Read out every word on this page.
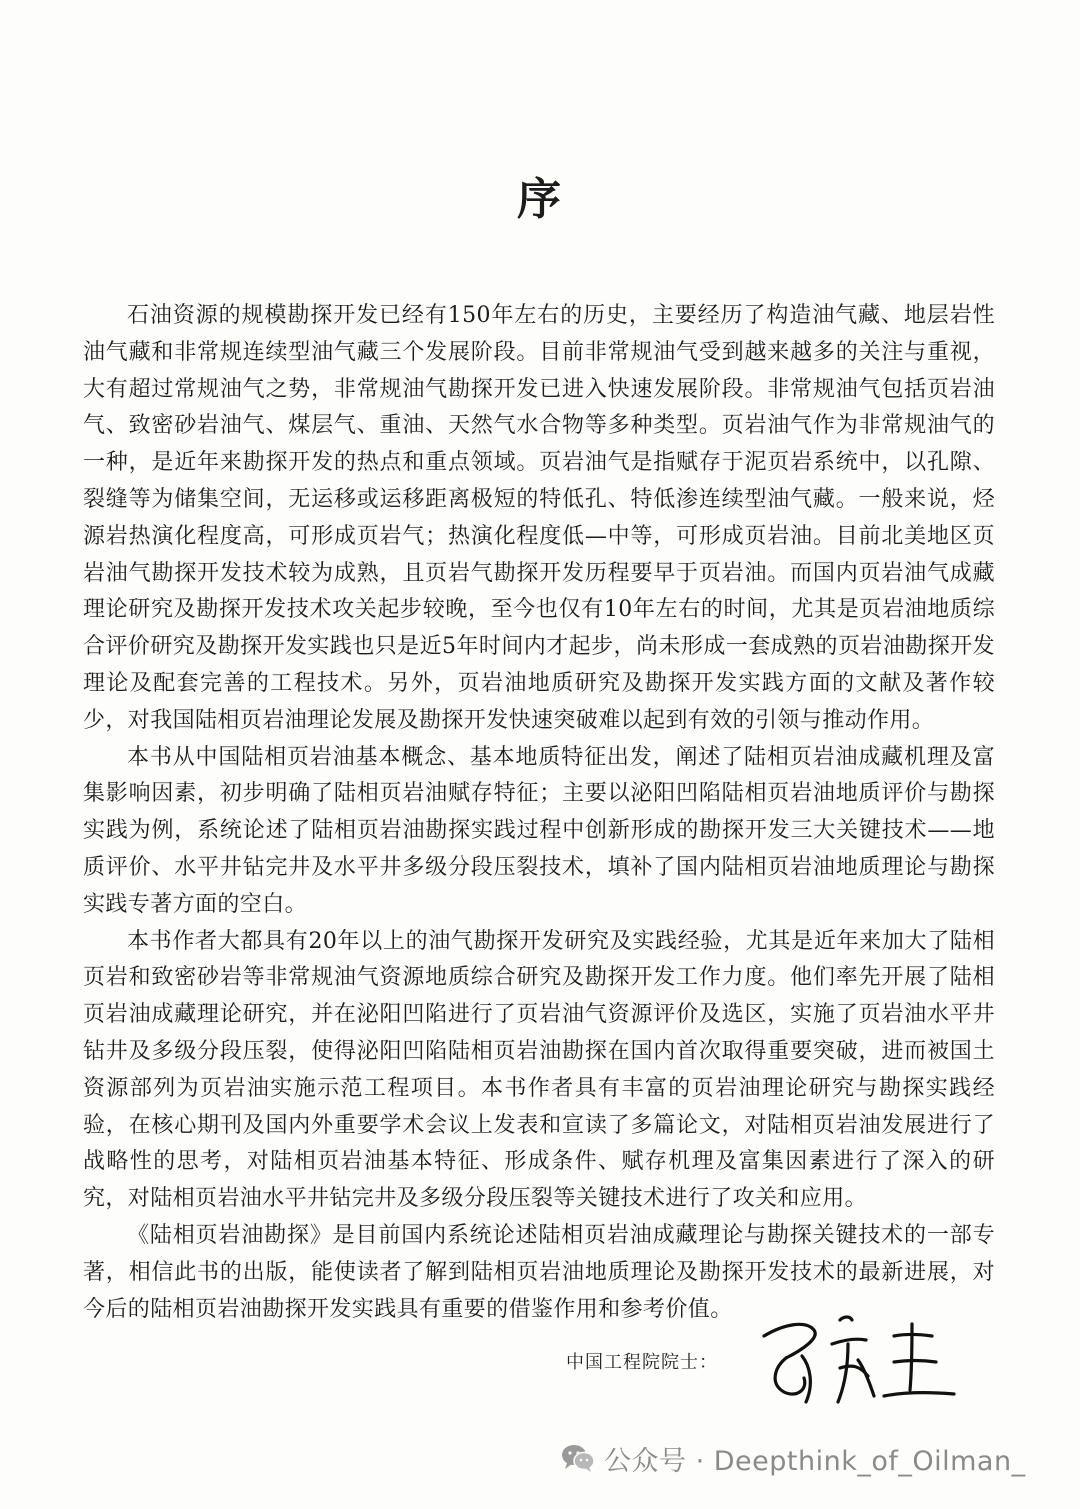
序

石油资源的规模勘探开发已经有150年左右的历史，主要经历了构造油气藏、地层岩性油气藏和非常规连续型油气藏三个发展阶段。目前非常规油气受到越来越多的关注与重视，大有超过常规油气之势，非常规油气勘探开发已进入快速发展阶段。非常规油气包括页岩油气、致密砂岩油气、煤层气、重油、天然气水合物等多种类型。页岩油气作为非常规油气的一种，是近年来勘探开发的热点和重点领域。页岩油气是指赋存于泥页岩系统中，以孔隙、裂缝等为储集空间，无运移或运移距离极短的特低孔、特低渗连续型油气藏。一般来说，烃源岩热演化程度高，可形成页岩气；热演化程度低—中等，可形成页岩油。目前北美地区页岩油气勘探开发技术较为成熟，且页岩气勘探开发历程要早于页岩油。而国内页岩油气成藏理论研究及勘探开发技术攻关起步较晚，至今也仅有10年左右的时间，尤其是页岩油地质综合评价研究及勘探开发实践也只是近5年时间内才起步，尚未形成一套成熟的页岩油勘探开发理论及配套完善的工程技术。另外，页岩油地质研究及勘探开发实践方面的文献及著作较少，对我国陆相页岩油理论发展及勘探开发快速突破难以起到有效的引领与推动作用。

本书从中国陆相页岩油基本概念、基本地质特征出发，阐述了陆相页岩油成藏机理及富集影响因素，初步明确了陆相页岩油赋存特征；主要以泌阳凹陷陆相页岩油地质评价与勘探实践为例，系统论述了陆相页岩油勘探实践过程中创新形成的勘探开发三大关键技术——地质评价、水平井钻完井及水平井多级分段压裂技术，填补了国内陆相页岩油地质理论与勘探实践专著方面的空白。

本书作者大都具有20年以上的油气勘探开发研究及实践经验，尤其是近年来加大了陆相页岩和致密砂岩等非常规油气资源地质综合研究及勘探开发工作力度。他们率先开展了陆相页岩油成藏理论研究，并在泌阳凹陷进行了页岩油气资源评价及选区，实施了页岩油水平井钻井及多级分段压裂，使得泌阳凹陷陆相页岩油勘探在国内首次取得重要突破，进而被国土资源部列为页岩油实施示范工程项目。本书作者具有丰富的页岩油理论研究与勘探实践经验，在核心期刊及国内外重要学术会议上发表和宣读了多篇论文，对陆相页岩油发展进行了战略性的思考，对陆相页岩油基本特征、形成条件、赋存机理及富集因素进行了深入的研究，对陆相页岩油水平井钻完井及多级分段压裂等关键技术进行了攻关和应用。

《陆相页岩油勘探》是目前国内系统论述陆相页岩油成藏理论与勘探关键技术的一部专著，相信此书的出版，能使读者了解到陆相页岩油地质理论及勘探开发技术的最新进展，对今后的陆相页岩油勘探开发实践具有重要的借鉴作用和参考价值。

中国工程院院士：
公众号 · Deepthink_of_Oilman_
